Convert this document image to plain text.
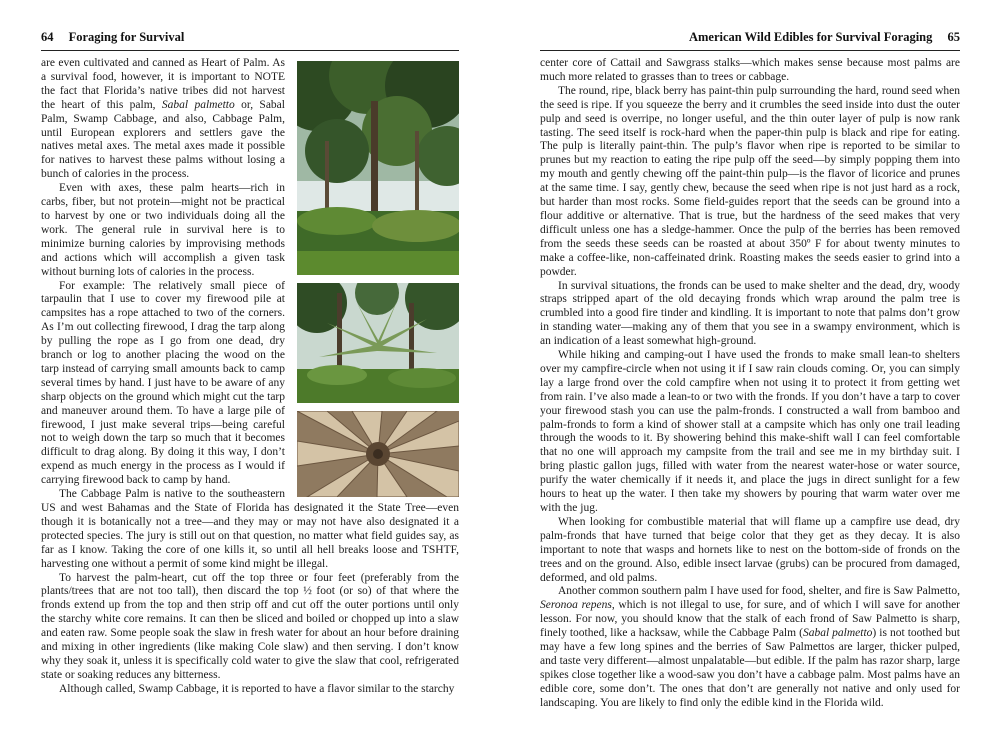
64 Foraging for Survival

are even cultivated and canned as Heart of Palm. As a survival food, however, it is important to NOTE the fact that Florida’s native tribes did not harvest the heart of this palm, Sabal palmetto or, Sabal Palm, Swamp Cabbage, and also, Cabbage Palm, until European explorers and settlers gave the natives metal axes. The metal axes made it possible for natives to harvest these palms without losing a bunch of calories in the process.

Even with axes, these palm hearts—rich in carbs, fiber, but not protein—might not be practical to harvest by one or two individuals doing all the work. The general rule in survival here is to minimize burning calories by improvising methods and actions which will accomplish a given task without burning lots of calories in the process.

For example: The relatively small piece of tarpaulin that I use to cover my firewood pile at campsites has a rope attached to two of the corners. As I’m out collecting firewood, I drag the tarp along by pulling the rope as I go from one dead, dry branch or log to another placing the wood on the tarp instead of carrying small amounts back to camp several times by hand. I just have to be aware of any sharp objects on the ground which might cut the tarp and maneuver around them. To have a large pile of firewood, I just make several trips—being careful not to weigh down the tarp so much that it becomes difficult to drag along. By doing it this way, I don’t expend as much energy in the process as I would if carrying firewood back to camp by hand.

The Cabbage Palm is native to the southeastern US and west Bahamas and the State of Florida has designated it the State Tree—even though it is botanically not a tree—and they may or may not have also designated it a protected species. The jury is still out on that question, no matter what field guides say, as far as I know. Taking the core of one kills it, so until all hell breaks loose and TSHTF, harvesting one without a permit of some kind might be illegal.

To harvest the palm-heart, cut off the top three or four feet (preferably from the plants/trees that are not too tall), then discard the top ½ foot (or so) of that where the fronds extend up from the top and then strip off and cut off the outer portions until only the starchy white core remains. It can then be sliced and boiled or chopped up into a slaw and eaten raw. Some people soak the slaw in fresh water for about an hour before draining and mixing in other ingredients (like making Cole slaw) and then serving. I don’t know why they soak it, unless it is specifically cold water to give the slaw that cool, refrigerated state or soaking reduces any bitterness.

Although called, Swamp Cabbage, it is reported to have a flavor similar to the starchy

American Wild Edibles for Survival Foraging 65

center core of Cattail and Sawgrass stalks—which makes sense because most palms are much more related to grasses than to trees or cabbage.

The round, ripe, black berry has paint-thin pulp surrounding the hard, round seed when the seed is ripe. If you squeeze the berry and it crumbles the seed inside into dust the outer pulp and seed is overripe, no longer useful, and the thin outer layer of pulp is now rank tasting. The seed itself is rock-hard when the paper-thin pulp is black and ripe for eating. The pulp is literally paint-thin. The pulp’s flavor when ripe is reported to be similar to prunes but my reaction to eating the ripe pulp off the seed—by simply popping them into my mouth and gently chewing off the paint-thin pulp—is the flavor of licorice and prunes at the same time. I say, gently chew, because the seed when ripe is not just hard as a rock, but harder than most rocks. Some field-guides report that the seeds can be ground into a flour additive or alternative. That is true, but the hardness of the seed makes that very difficult unless one has a sledge-hammer. Once the pulp of the berries has been removed from the seeds these seeds can be roasted at about 350º F for about twenty minutes to make a coffee-like, non-caffeinated drink. Roasting makes the seeds easier to grind into a powder.

In survival situations, the fronds can be used to make shelter and the dead, dry, woody straps stripped apart of the old decaying fronds which wrap around the palm tree is crumbled into a good fire tinder and kindling. It is important to note that palms don’t grow in standing water—making any of them that you see in a swampy environment, which is an indication of a least somewhat high-ground.

While hiking and camping-out I have used the fronds to make small lean-to shelters over my campfire-circle when not using it if I saw rain clouds coming. Or, you can simply lay a large frond over the cold campfire when not using it to protect it from getting wet from rain. I’ve also made a lean-to or two with the fronds. If you don’t have a tarp to cover your firewood stash you can use the palm-fronds. I constructed a wall from bamboo and palm-fronds to form a kind of shower stall at a campsite which has only one trail leading through the woods to it. By showering behind this make-shift wall I can feel comfortable that no one will approach my campsite from the trail and see me in my birthday suit. I bring plastic gallon jugs, filled with water from the nearest water-hose or water source, purify the water chemically if it needs it, and place the jugs in direct sunlight for a few hours to heat up the water. I then take my showers by pouring that warm water over me with the jug.

When looking for combustible material that will flame up a campfire use dead, dry palm-fronds that have turned that beige color that they get as they decay. It is also important to note that wasps and hornets like to nest on the bottom-side of fronds on the trees and on the ground. Also, edible insect larvae (grubs) can be procured from damaged, deformed, and old palms.

Another common southern palm I have used for food, shelter, and fire is Saw Palmetto, Seronoa repens, which is not illegal to use, for sure, and of which I will save for another lesson. For now, you should know that the stalk of each frond of Saw Palmetto is sharp, finely toothed, like a hacksaw, while the Cabbage Palm (Sabal palmetto) is not toothed but may have a few long spines and the berries of Saw Palmettos are larger, thicker pulped, and taste very different—almost unpalatable—but edible. If the palm has razor sharp, large spikes close together like a wood-saw you don’t have a cabbage palm. Most palms have an edible core, some don’t. The ones that don’t are generally not native and only used for landscaping. You are likely to find only the edible kind in the Florida wild.
